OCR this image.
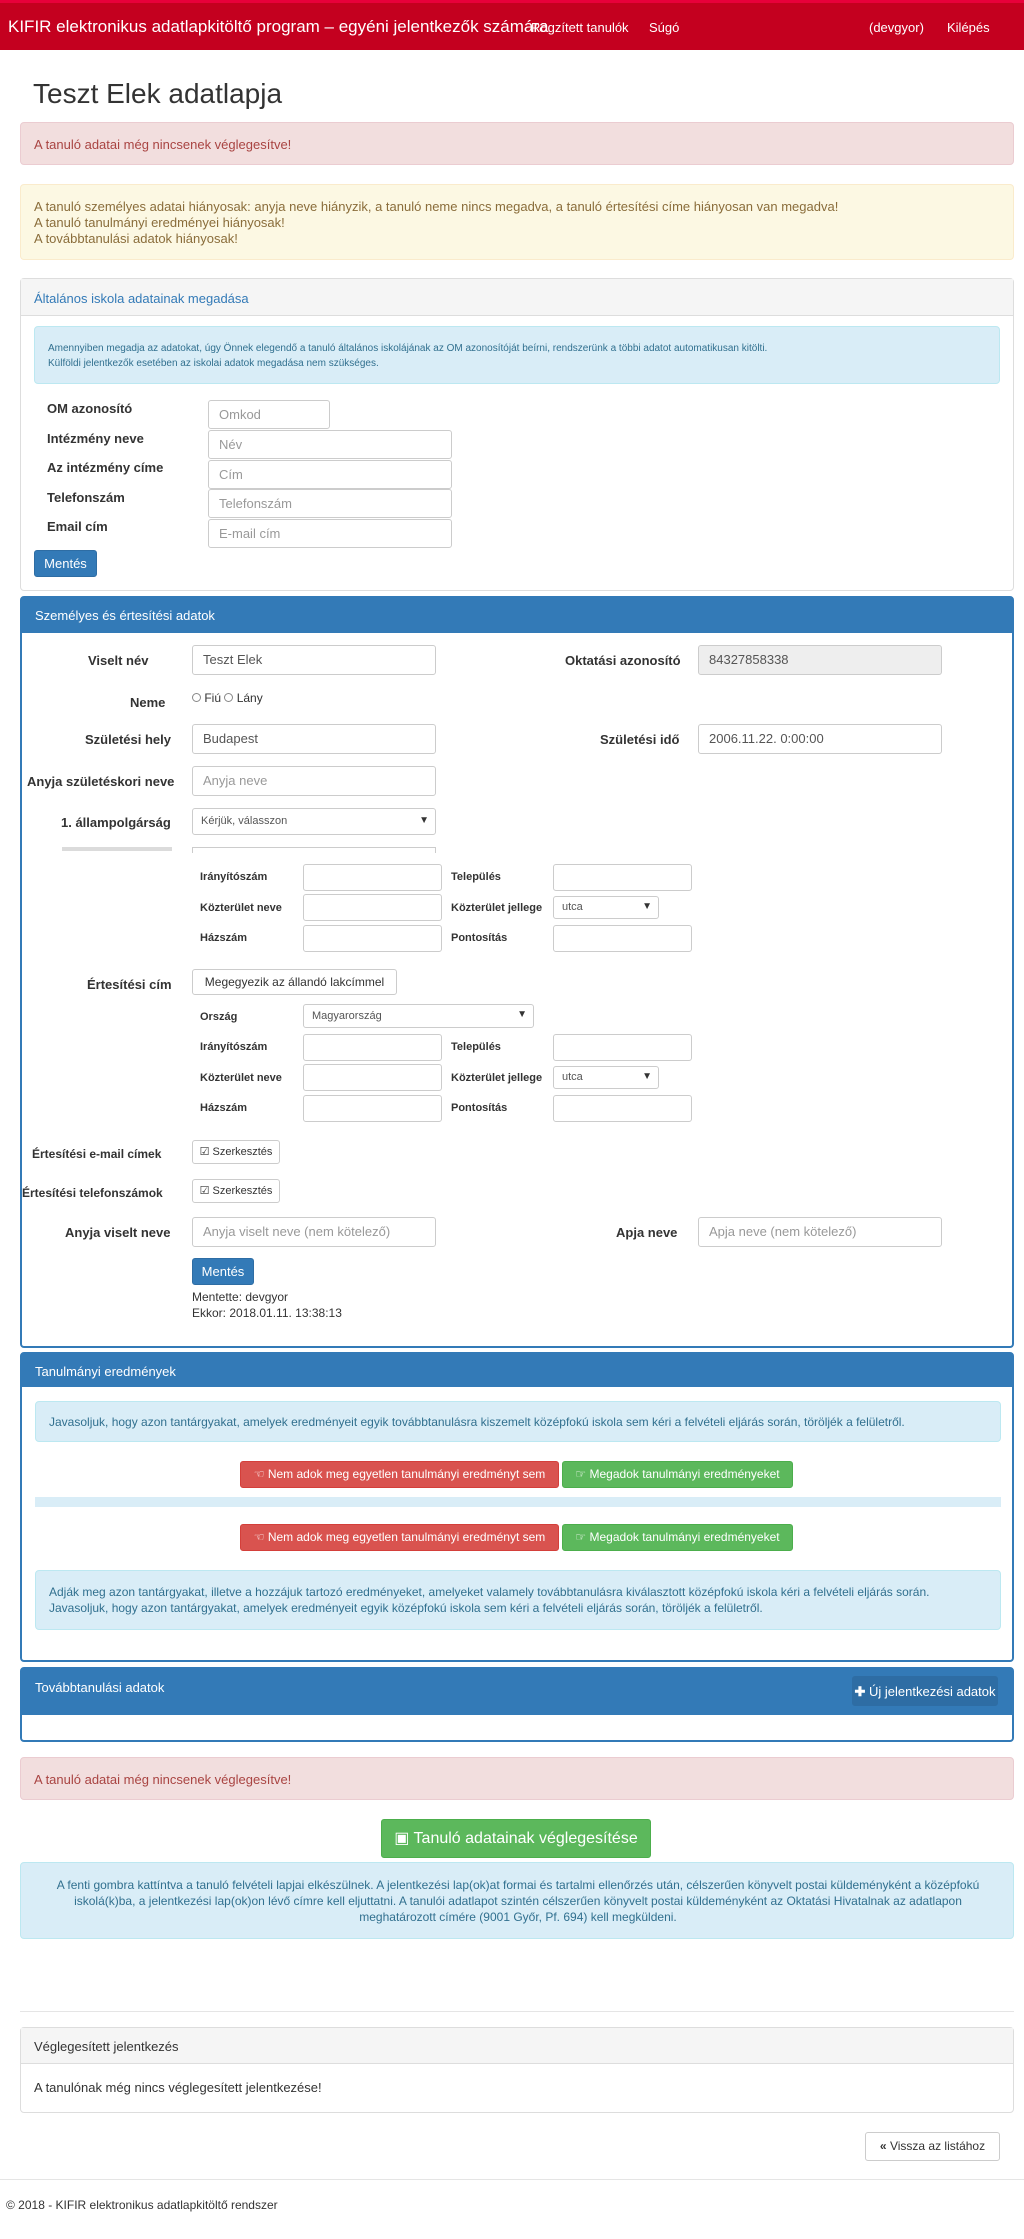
KIFIR elektronikus adatlapkitöltő program – egyéni jelentkezők számára
Rögzített tanulók Súgó	(devgyor) Kilépés
Teszt Elek adatlapja
A tanuló adatai még nincsenek véglegesítve!
A tanuló személyes adatai hiányosak: anyja neve hiányzik, a tanuló neme nincs megadva, a tanuló értesítési címe hiányosan van megadva!
A tanuló tanulmányi eredményei hiányosak!
A továbbtanulási adatok hiányosak!
Általános iskola adatainak megadása
Amennyiben megadja az adatokat, úgy Önnek elegendő a tanuló általános iskolájának az OM azonosítóját beírni, rendszerünk a többi adatot automatikusan kitölti.
Külföldi jelentkezők esetében az iskolai adatok megadása nem szükséges.
OM azonosító	Omkod
Intézmény neve	Név
Az intézmény címe	Cím
Telefonszám	Telefonszám
Email cím	E-mail cím
Mentés
Személyes és értesítési adatok
Viselt név	Teszt Elek	Oktatási azonosító	84327858338
Neme	Fiú Lány
Születési hely	Budapest	Születési idő	2006.11.22. 0:00:00
Anyja születéskori neve	Anyja neve
1. állampolgárság	Kérjük, válasszon	▼
Irányítószám	Település
Közterület neve	Közterület jellege	utca	▼
Házszám	Pontosítás
Értesítési cím	Megegyezik az állandó lakcímmel
Ország	Magyarország	▼
Irányítószám	Település
Közterület neve	Közterület jellege	utca	▼
Házszám	Pontosítás
Értesítési e-mail címek	☑ Szerkesztés
Értesítési telefonszámok	☑ Szerkesztés
Anyja viselt neve	Anyja viselt neve (nem kötelező)	Apja neve	Apja neve (nem kötelező)
Mentés
Mentette: devgyor
Ekkor: 2018.01.11. 13:38:13
Tanulmányi eredmények
Javasoljuk, hogy azon tantárgyakat, amelyek eredményeit egyik továbbtanulásra kiszemelt középfokú iskola sem kéri a felvételi eljárás során, töröljék a felületről.
☜ Nem adok meg egyetlen tanulmányi eredményt sem	☞ Megadok tanulmányi eredményeket
☜ Nem adok meg egyetlen tanulmányi eredményt sem	☞ Megadok tanulmányi eredményeket
Adják meg azon tantárgyakat, illetve a hozzájuk tartozó eredményeket, amelyeket valamely továbbtanulásra kiválasztott középfokú iskola kéri a felvételi eljárás során.
Javasoljuk, hogy azon tantárgyakat, amelyek eredményeit egyik középfokú iskola sem kéri a felvételi eljárás során, töröljék a felületről.
Továbbtanulási adatok	✚ Új jelentkezési adatok
A tanuló adatai még nincsenek véglegesítve!
▣ Tanuló adatainak véglegesítése
A fenti gombra kattíntva a tanuló felvételi lapjai elkészülnek. A jelentkezési lap(ok)at formai és tartalmi ellenőrzés után, célszerűen könyvelt postai küldeményként a középfokú iskolá(k)ba, a jelentkezési lap(ok)on lévő címre kell eljuttatni. A tanulói adatlapot szintén célszerűen könyvelt postai küldeményként az Oktatási Hivatalnak az adatlapon meghatározott címére (9001 Győr, Pf. 694) kell megküldeni.
Véglegesített jelentkezés
A tanulónak még nincs véglegesített jelentkezése!
« Vissza az listához
© 2018 - KIFIR elektronikus adatlapkitöltő rendszer
